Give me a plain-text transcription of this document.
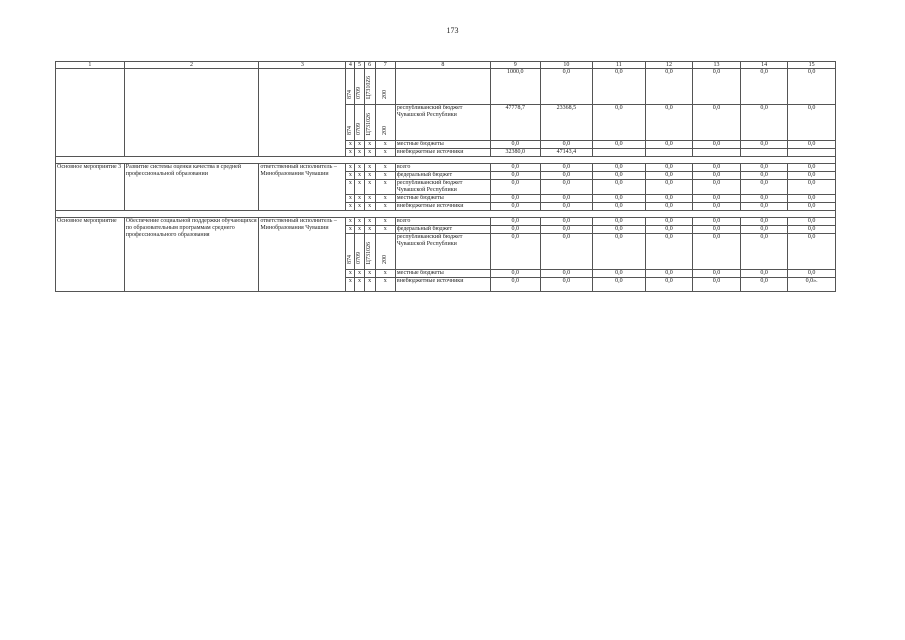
173
1	2	3	4	5	6	7	8	9	10	11	12	13	14	15
			874	0709	Ц7310Z6	200		1000,0	0,0	0,0	0,0	0,0	0,0	0,0
			874	0709	Ц731026	200	республиканский бюджет Чувашской Республики	47778,7	23368,5	0,0	0,0	0,0	0,0	0,0
			x	x	x	x	местные бюджеты	0,0	0,0	0,0	0,0	0,0	0,0	0,0
			x	x	x	x	внебюджетные источники	32380,0	47143,4					

Основное мероприятие 3	Развитие системы оценки качества в средней профессиональной образовании	ответственный исполнитель – Минобразования Чувашии	x	x	x	x	всего	0,0	0,0	0,0	0,0	0,0	0,0	0,0
			x	x	x	x	федеральный бюджет	0,0	0,0	0,0	0,0	0,0	0,0	0,0
			x	x	x	x	республиканский бюджет Чувашской Республики	0,0	0,0	0,0	0,0	0,0	0,0	0,0
			x	x	x	x	местные бюджеты	0,0	0,0	0,0	0,0	0,0	0,0	0,0
			x	x	x	x	внебюджетные источники	0,0	0,0	0,0	0,0	0,0	0,0	0,0

Основное мероприятие	Обеспечение социальной поддержки обучающихся по образовательным программам среднего профессионального образования	ответственный исполнитель – Минобразования Чувашии	x	x	x	x	всего	0,0	0,0	0,0	0,0	0,0	0,0	0,0
			x	x	x	x	федеральный бюджет	0,0	0,0	0,0	0,0	0,0	0,0	0,0
			874	0709	Ц731026	200	республиканский бюджет Чувашской Республики	0,0	0,0	0,0	0,0	0,0	0,0	0,0
			x	x	x	x	местные бюджеты	0,0	0,0	0,0	0,0	0,0	0,0	0,0
			x	x	x	x	внебюджетные источники	0,0	0,0	0,0	0,0	0,0	0,0	0,0».
